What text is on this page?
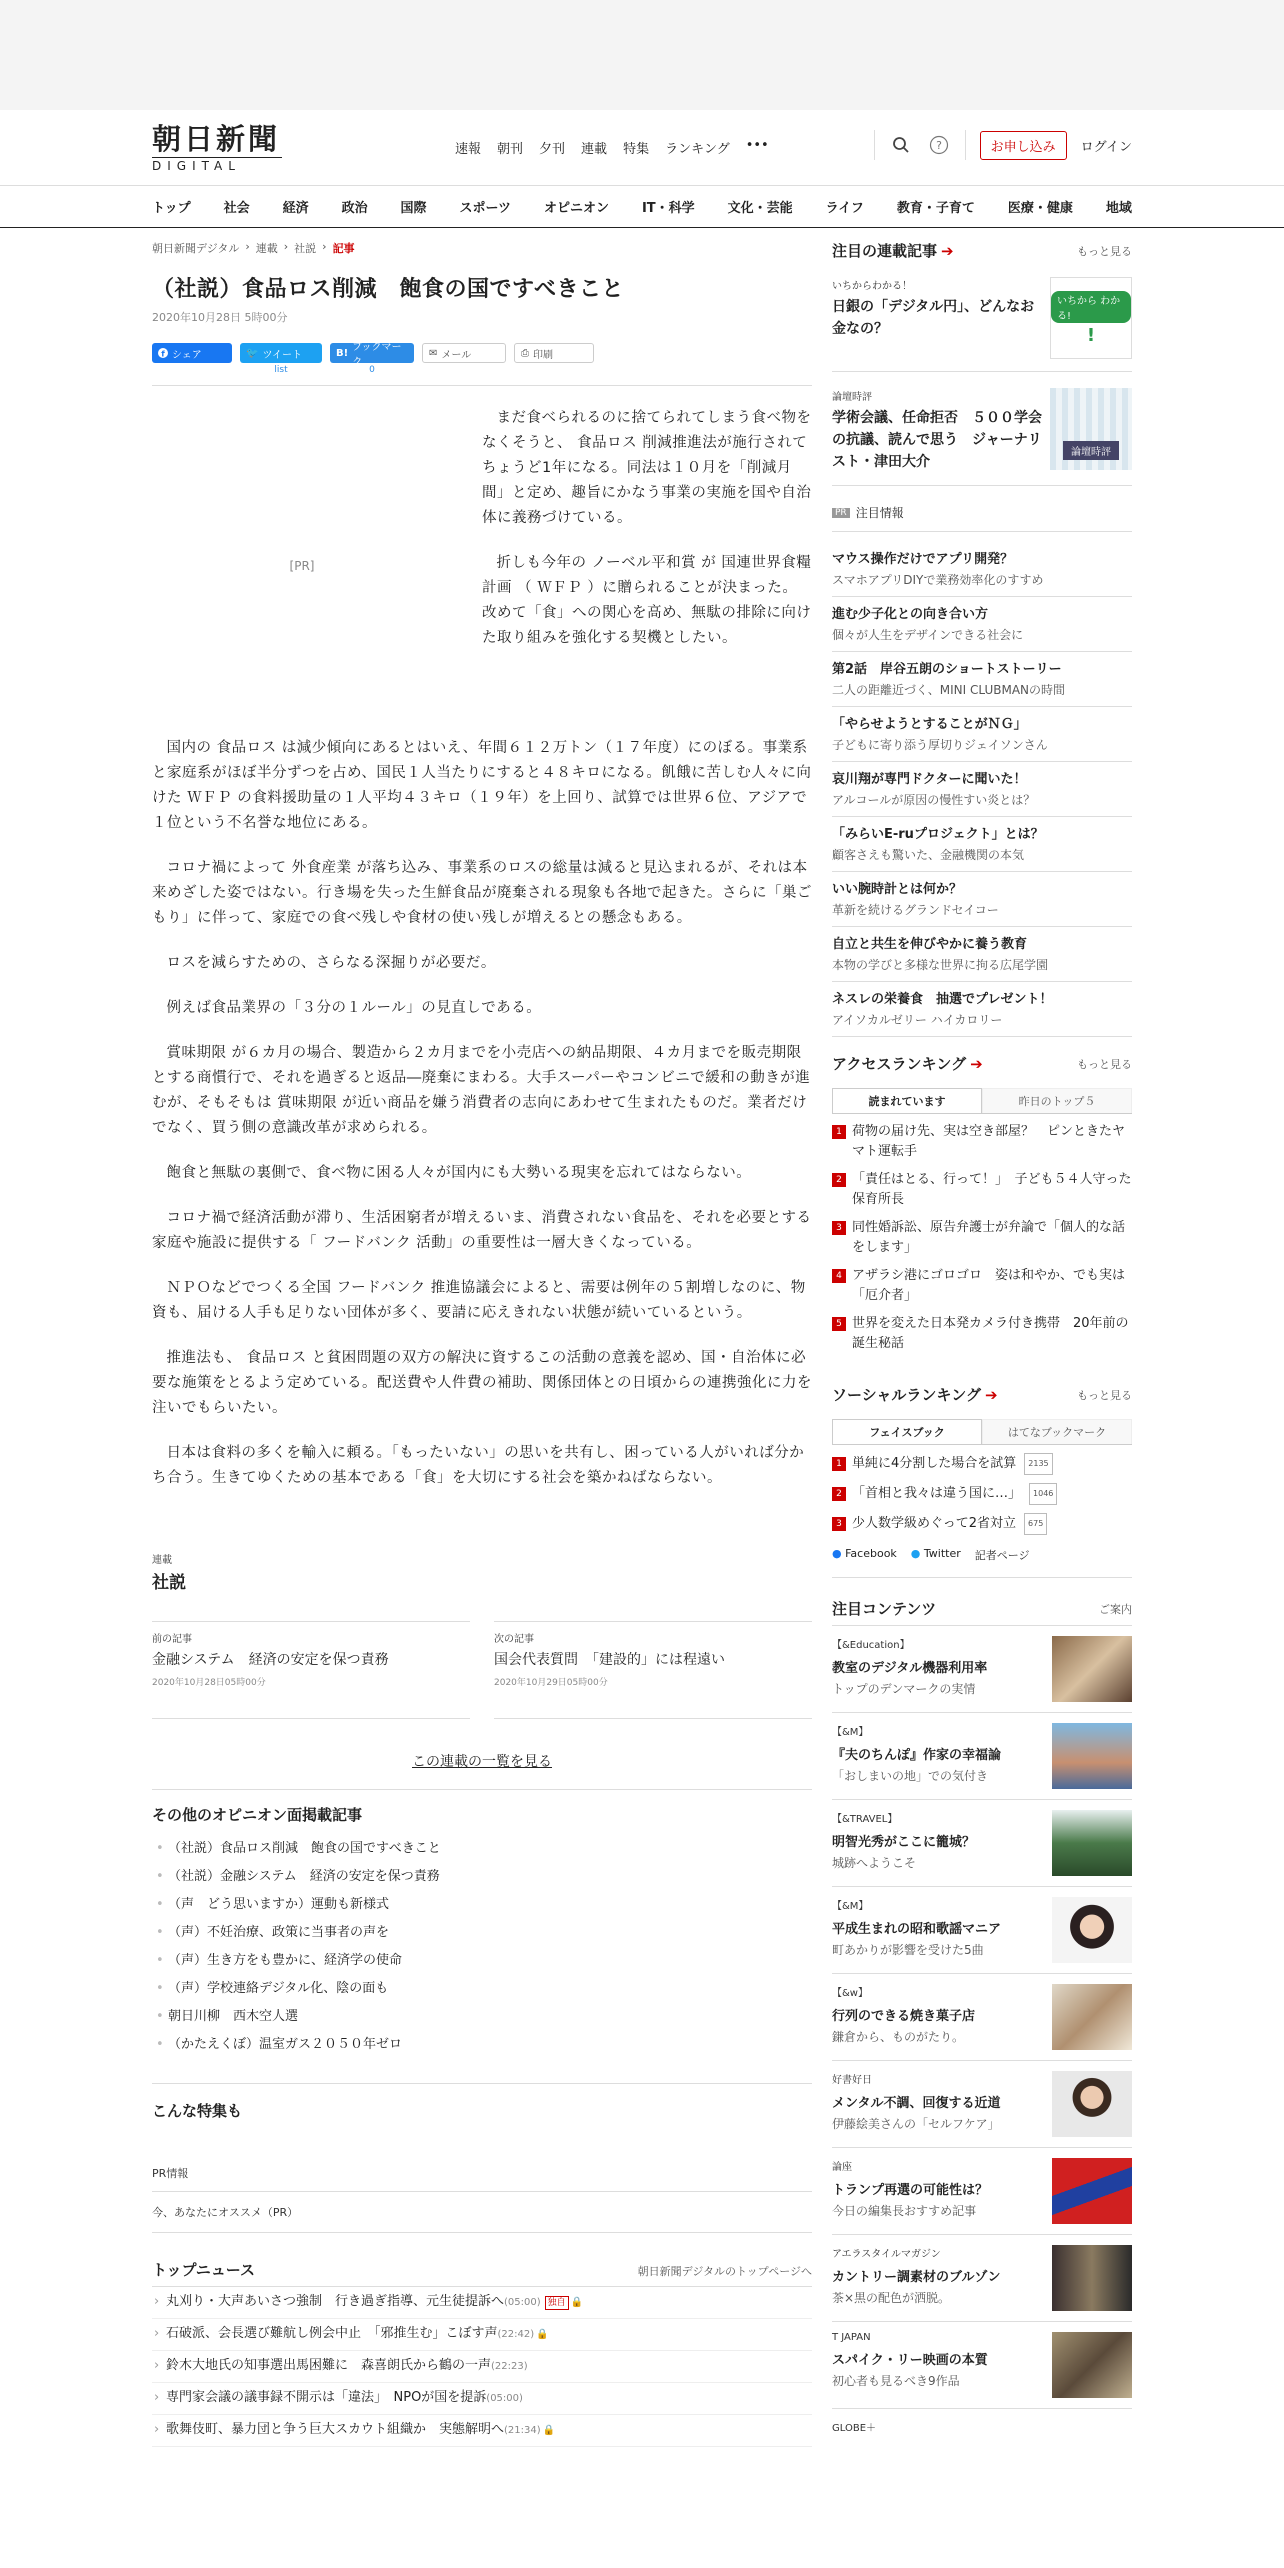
朝日新聞
DIGITAL
速報 朝刊 夕刊 連載 特集 ランキング •••	?	お申し込み	ログイン
トップ	社会	経済	政治	国際	スポーツ	オピニオン	IT・科学	文化・芸能	ライフ	教育・子育て	医療・健康	地域
朝日新聞デジタル › 連載 › 社説 › 記事
（社説）食品ロス削減　飽食の国ですべきこと
2020年10月28日 5時00分
f シェア	🐦 ツイート
list
B! ブックマーク
0
✉ メール	⎙ 印刷
[PR]

まだ食べられるのに捨てられてしまう食べ物をなくそうと、 食品ロス 削減推進法が施行されてちょうど1年になる。同法は１０月を「削減月間」と定め、趣旨にかなう事業の実施を国や自治体に義務づけている。

折しも今年の ノーベル平和賞 が 国連世界食糧計画 （ ＷＦＰ ）に贈られることが決まった。改めて「食」への関心を高め、無駄の排除に向けた取り組みを強化する契機としたい。

国内の 食品ロス は減少傾向にあるとはいえ、年間６１２万トン（１７年度）にのぼる。事業系と家庭系がほぼ半分ずつを占め、国民１人当たりにすると４８キロになる。飢餓に苦しむ人々に向けた ＷＦＰ の食料援助量の１人平均４３キロ（１９年）を上回り、試算では世界６位、アジアで１位という不名誉な地位にある。

コロナ禍によって 外食産業 が落ち込み、事業系のロスの総量は減ると見込まれるが、それは本来めざした姿ではない。行き場を失った生鮮食品が廃棄される現象も各地で起きた。さらに「巣ごもり」に伴って、家庭での食べ残しや食材の使い残しが増えるとの懸念もある。

ロスを減らすための、さらなる深掘りが必要だ。

例えば食品業界の「３分の１ルール」の見直しである。

賞味期限 が６カ月の場合、製造から２カ月までを小売店への納品期限、４カ月までを販売期限とする商慣行で、それを過ぎると返品―廃棄にまわる。大手スーパーやコンビニで緩和の動きが進むが、そもそもは 賞味期限 が近い商品を嫌う消費者の志向にあわせて生まれたものだ。業者だけでなく、買う側の意識改革が求められる。

飽食と無駄の裏側で、食べ物に困る人々が国内にも大勢いる現実を忘れてはならない。

コロナ禍で経済活動が滞り、生活困窮者が増えるいま、消費されない食品を、それを必要とする家庭や施設に提供する「 フードバンク 活動」の重要性は一層大きくなっている。

ＮＰＯなどでつくる全国 フードバンク 推進協議会によると、需要は例年の５割増しなのに、物資も、届ける人手も足りない団体が多く、要請に応えきれない状態が続いているという。

推進法も、 食品ロス と貧困問題の双方の解決に資するこの活動の意義を認め、国・自治体に必要な施策をとるよう定めている。配送費や人件費の補助、関係団体との日頃からの連携強化に力を注いでもらいたい。

日本は食料の多くを輸入に頼る。「もったいない」の思いを共有し、困っている人がいれば分かち合う。生きてゆくための基本である「食」を大切にする社会を築かねばならない。

連載
社説
前の記事
金融システム　経済の安定を保つ責務
2020年10月28日05時00分
次の記事
国会代表質問　「建設的」には程遠い
2020年10月29日05時00分
この連載の一覧を見る
その他のオピニオン面掲載記事
• （社説）食品ロス削減　飽食の国ですべきこと
• （社説）金融システム　経済の安定を保つ責務
• （声　どう思いますか）運動も新様式
• （声）不妊治療、政策に当事者の声を
• （声）生き方をも豊かに、経済学の使命
• （声）学校連絡デジタル化、陰の面も
• 朝日川柳　西木空人選
• （かたえくぼ）温室ガス２０５０年ゼロ
こんな特集も
PR情報
今、あなたにオススメ（PR）
トップニュース	朝日新聞デジタルのトップページへ
› 丸刈り・大声あいさつ強制　行き過ぎ指導、元生徒提訴へ(05:00) 独自 🔒
› 石破派、会長選び難航し例会中止　「邪推生む」こぼす声(22:42) 🔒
› 鈴木大地氏の知事選出馬困難に　森喜朗氏から鶴の一声(22:23)
› 専門家会議の議事録不開示は「違法」　NPOが国を提訴(05:00)
› 歌舞伎町、暴力団と争う巨大スカウト組織か　実態解明へ(21:34) 🔒
注目の連載記事 ➔	もっと見る
いちからわかる！
日銀の「デジタル円」、どんなお金なの？
いちから わかる!
!
論壇時評
学術会議、任命拒否　５００学会の抗議、読んで思う　ジャーナリスト・津田大介
論壇時評
PR 注目情報
マウス操作だけでアプリ開発？
スマホアプリDIYで業務効率化のすすめ
進む少子化との向き合い方
個々が人生をデザインできる社会に
第2話　岸谷五朗のショートストーリー
二人の距離近づく、MINI CLUBMANの時間
「やらせようとすることがＮＧ」
子どもに寄り添う厚切りジェイソンさん
哀川翔が専門ドクターに聞いた！
アルコールが原因の慢性すい炎とは？
「みらいE-ruプロジェクト」とは？
顧客さえも驚いた、金融機関の本気
いい腕時計とは何か？
革新を続けるグランドセイコー
自立と共生を伸びやかに養う教育
本物の学びと多様な世界に拘る広尾学園
ネスレの栄養食　抽選でプレゼント！
アイソカルゼリー ハイカロリー
アクセスランキング ➔	もっと見る
読まれています	昨日のトップ５
1 荷物の届け先、実は空き部屋？　ピンときたヤマト運転手
2 「責任はとる、行って！」　子ども５４人守った保育所長
3 同性婚訴訟、原告弁護士が弁論で「個人的な話をします」
4 アザラシ港にゴロゴロ　姿は和やか、でも実は「厄介者」
5 世界を変えた日本発カメラ付き携帯　20年前の誕生秘話
ソーシャルランキング ➔	もっと見る
フェイスブック	はてなブックマーク
1 単純に4分割した場合を試算	2135
2 「首相と我々は違う国に…」	1046
3 少人数学級めぐって2省対立	675
● Facebook ● Twitter 記者ページ
注目コンテンツ	ご案内
【&Education】
教室のデジタル機器利用率
トップのデンマークの実情
【&M】
『夫のちんぽ』作家の幸福論
「おしまいの地」での気付き
【&TRAVEL】
明智光秀がここに籠城？
城跡へようこそ
【&M】
平成生まれの昭和歌謡マニア
町あかりが影響を受けた5曲
【&w】
行列のできる焼き菓子店
鎌倉から、ものがたり。
好書好日
メンタル不調、回復する近道
伊藤絵美さんの「セルフケア」
論座
トランプ再選の可能性は？
今日の編集長おすすめ記事
アエラスタイルマガジン
カントリー調素材のブルゾン
茶×黒の配色が洒脱。
T JAPAN
スパイク・リー映画の本質
初心者も見るべき9作品
GLOBE＋
